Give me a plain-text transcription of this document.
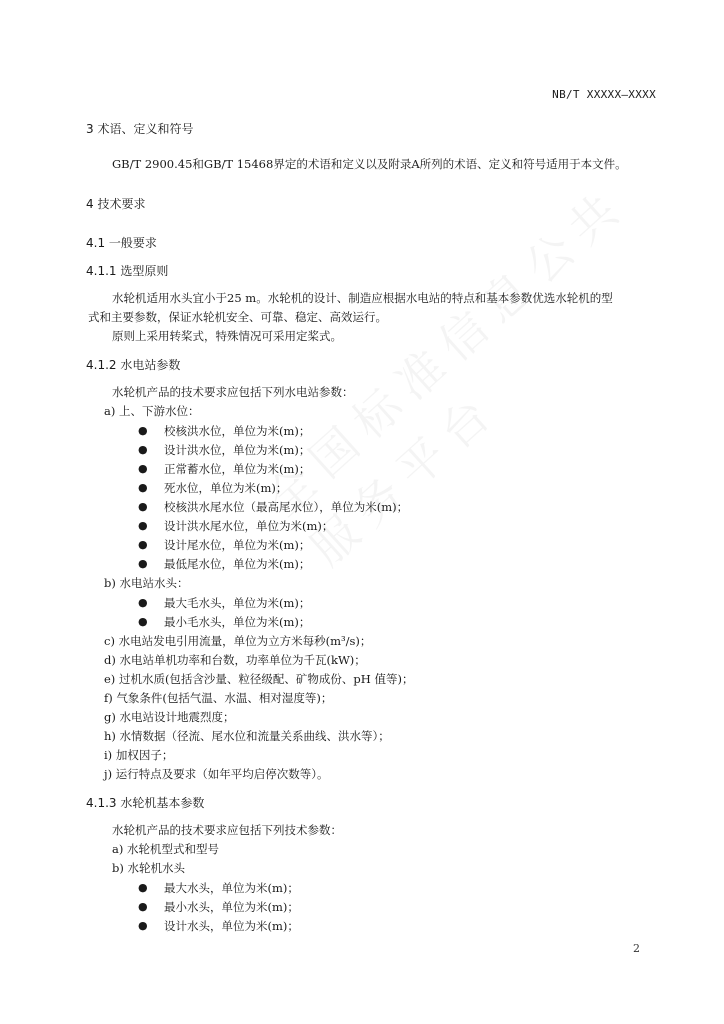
NB/T XXXXX—XXXX
3 术语、定义和符号
GB/T 2900.45和GB/T 15468界定的术语和定义以及附录A所列的术语、定义和符号适用于本文件。
4 技术要求
4.1 一般要求
4.1.1 选型原则
水轮机适用水头宜小于25 m。水轮机的设计、制造应根据水电站的特点和基本参数优选水轮机的型
式和主要参数，保证水轮机安全、可靠、稳定、高效运行。
原则上采用转桨式，特殊情况可采用定桨式。
4.1.2 水电站参数
水轮机产品的技术要求应包括下列水电站参数：
a) 上、下游水位：
● 校核洪水位，单位为米(m)；
● 设计洪水位，单位为米(m)；
● 正常蓄水位，单位为米(m)；
● 死水位，单位为米(m)；
● 校核洪水尾水位（最高尾水位），单位为米(m)；
● 设计洪水尾水位，单位为米(m)；
● 设计尾水位，单位为米(m)；
● 最低尾水位，单位为米(m)；
b) 水电站水头：
● 最大毛水头，单位为米(m)；
● 最小毛水头，单位为米(m)；
c) 水电站发电引用流量，单位为立方米每秒(m³/s)；
d) 水电站单机功率和台数，功率单位为千瓦(kW)；
e) 过机水质(包括含沙量、粒径级配、矿物成份、pH 值等)；
f) 气象条件(包括气温、水温、相对湿度等)；
g) 水电站设计地震烈度；
h) 水情数据（径流、尾水位和流量关系曲线、洪水等）；
i) 加权因子；
j) 运行特点及要求（如年平均启停次数等）。
4.1.3 水轮机基本参数
水轮机产品的技术要求应包括下列技术参数：
a) 水轮机型式和型号
b) 水轮机水头
● 最大水头，单位为米(m)；
● 最小水头，单位为米(m)；
● 设计水头，单位为米(m)；
2
